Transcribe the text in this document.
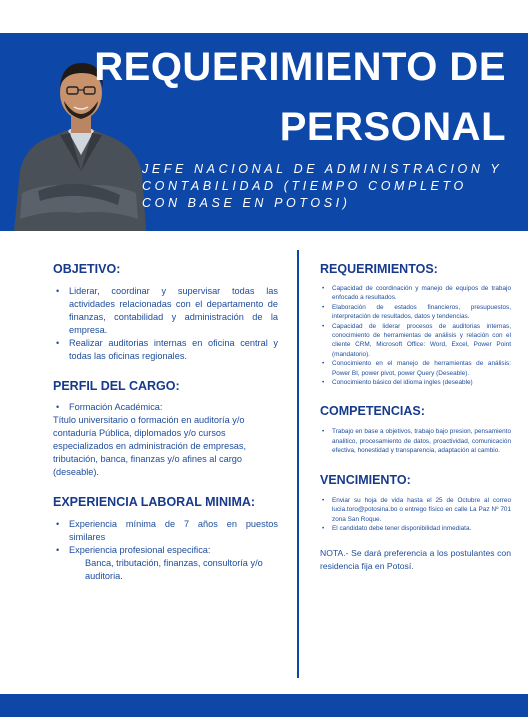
REQUERIMIENTO DE
PERSONAL

JEFE NACIONAL DE ADMINISTRACION Y CONTABILIDAD (TIEMPO COMPLETO CON BASE EN POTOSI)

OBJETIVO:
• Liderar, coordinar y supervisar todas las actividades relacionadas con el departamento de finanzas, contabilidad y administración de la empresa.
• Realizar auditorias internas en oficina central y todas las oficinas regionales.
PERFIL DEL CARGO:
• Formación Académica:

Título universitario o formación en auditoría y/o contaduría Pública, diplomados y/o cursos especializados en administración de empresas, tributación, banca, finanzas y/o afines al cargo (deseable).

EXPERIENCIA LABORAL MINIMA:
• Experiencia mínima de 7 años en puestos similares
• Experiencia profesional especifica:

Banca, tributación, finanzas, consultoría y/o auditoria.

REQUERIMIENTOS:
• Capacidad de coordinación y manejo de equipos de trabajo enfocado a resultados.
• Elaboración de estados financieros, presupuestos, interpretación de resultados, datos y tendencias.
• Capacidad de liderar procesos de auditorias internas, conocimiento de herramientas de análisis y relación con el cliente CRM, Microsoft Office: Word, Excel, Power Point (mandatorio).
• Conocimiento en el manejo de herramientas de análisis: Power BI, power pivot, power Query (Deseable).
• Conocimiento básico del idioma ingles (deseable)
COMPETENCIAS:
• Trabajo en base a objetivos, trabajo bajo presion, pensamiento analitico, procesamiento de datos, proactividad, comunicación efectiva, honestidad y transparencia, adaptación al cambio.
VENCIMIENTO:
• Enviar su hoja de vida hasta el 25 de Octubre al correo lucia.toro@potosina.bo o entrego físico en calle La Paz Nº 701 zona San Roque.
• El candidato debe tener disponibilidad inmediata.

NOTA.- Se dará preferencia a los postulantes con residencia fija en Potosí.
